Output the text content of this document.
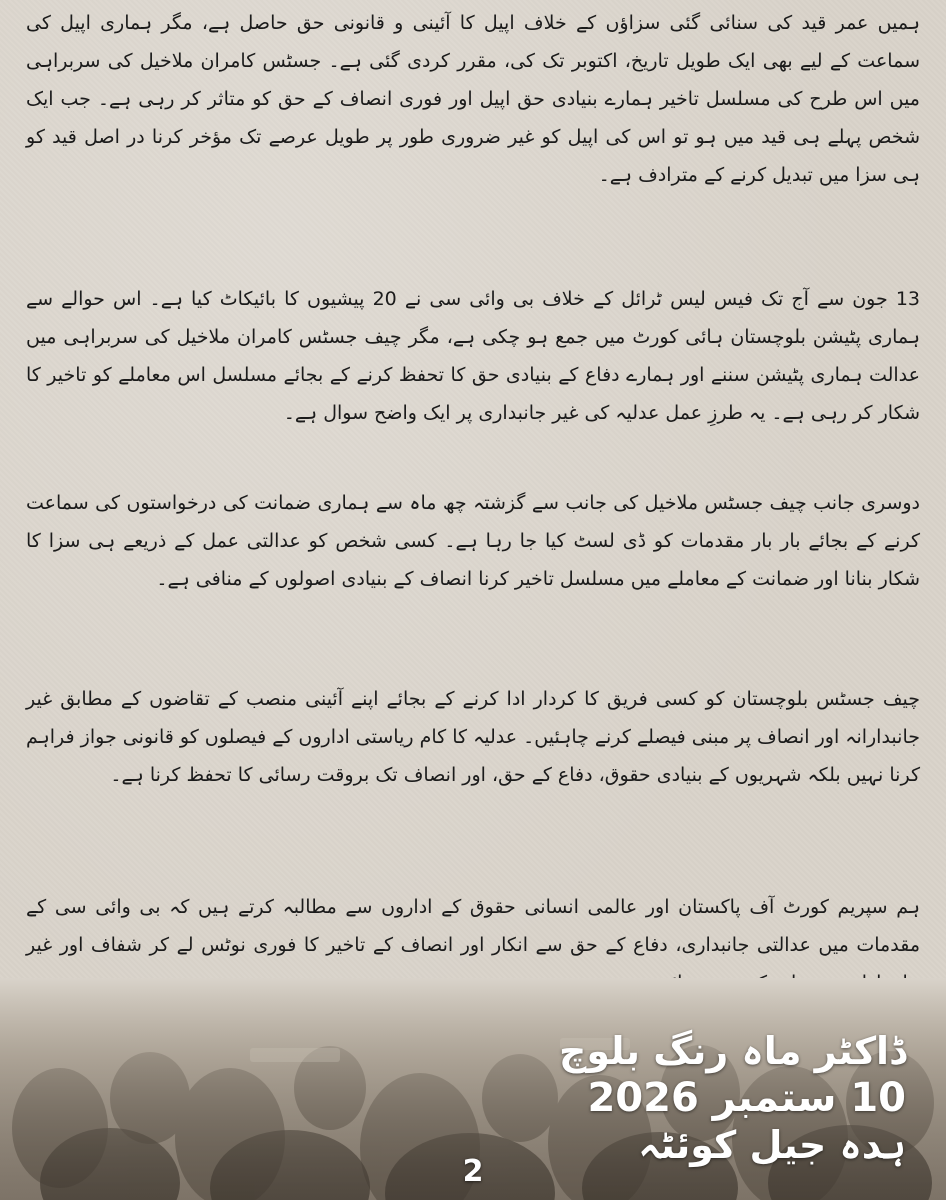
ہمیں عمر قید کی سنائی گئی سزاؤں کے خلاف اپیل کا آئینی و قانونی حق حاصل ہے، مگر ہماری اپیل کی سماعت کے لیے بھی ایک طویل تاریخ، اکتوبر تک کی، مقرر کردی گئی ہے۔ جسٹس کامران ملاخیل کی سربراہی میں اس طرح کی مسلسل تاخیر ہمارے بنیادی حق اپیل اور فوری انصاف کے حق کو متاثر کر رہی ہے۔ جب ایک شخص پہلے ہی قید میں ہو تو اس کی اپیل کو غیر ضروری طور پر طویل عرصے تک مؤخر کرنا در اصل قید کو ہی سزا میں تبدیل کرنے کے مترادف ہے۔

13 جون سے آج تک فیس لیس ٹرائل کے خلاف بی وائی سی نے 20 پیشیوں کا بائیکاٹ کیا ہے۔ اس حوالے سے ہماری پٹیشن بلوچستان ہائی کورٹ میں جمع ہو چکی ہے، مگر چیف جسٹس کامران ملاخیل کی سربراہی میں عدالت ہماری پٹیشن سننے اور ہمارے دفاع کے بنیادی حق کا تحفظ کرنے کے بجائے مسلسل اس معاملے کو تاخیر کا شکار کر رہی ہے۔ یہ طرزِ عمل عدلیہ کی غیر جانبداری پر ایک واضح سوال ہے۔

دوسری جانب چیف جسٹس ملاخیل کی جانب سے گزشتہ چھ ماہ سے ہماری ضمانت کی درخواستوں کی سماعت کرنے کے بجائے بار بار مقدمات کو ڈی لسٹ کیا جا رہا ہے۔ کسی شخص کو عدالتی عمل کے ذریعے ہی سزا کا شکار بنانا اور ضمانت کے معاملے میں مسلسل تاخیر کرنا انصاف کے بنیادی اصولوں کے منافی ہے۔

چیف جسٹس بلوچستان کو کسی فریق کا کردار ادا کرنے کے بجائے اپنے آئینی منصب کے تقاضوں کے مطابق غیر جانبدارانہ اور انصاف پر مبنی فیصلے کرنے چاہئیں۔ عدلیہ کا کام ریاستی اداروں کے فیصلوں کو قانونی جواز فراہم کرنا نہیں بلکہ شہریوں کے بنیادی حقوق، دفاع کے حق، اور انصاف تک بروقت رسائی کا تحفظ کرنا ہے۔

ہم سپریم کورٹ آف پاکستان اور عالمی انسانی حقوق کے اداروں سے مطالبہ کرتے ہیں کہ بی وائی سی کے مقدمات میں عدالتی جانبداری، دفاع کے حق سے انکار اور انصاف کے تاخیر کا فوری نوٹس لے کر شفاف اور غیر

ڈاکٹر ماہ رنگ بلوچ

10 ستمبر 2026

ہدہ جیل کوئٹہ

2
